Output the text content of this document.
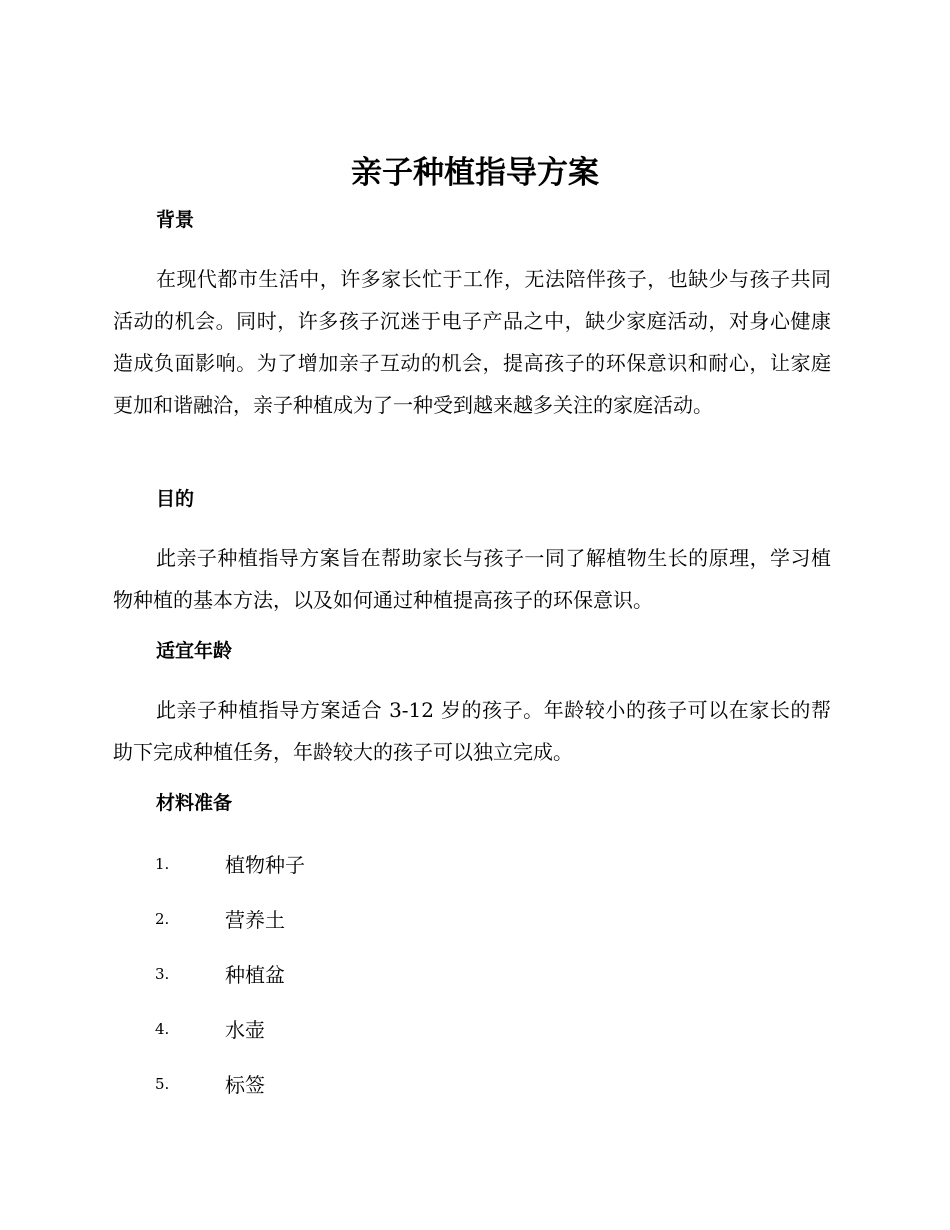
亲子种植指导方案
背景

在现代都市生活中，许多家长忙于工作，无法陪伴孩子，也缺少与孩子共同活动的机会。同时，许多孩子沉迷于电子产品之中，缺少家庭活动，对身心健康造成负面影响。为了增加亲子互动的机会，提高孩子的环保意识和耐心，让家庭更加和谐融洽，亲子种植成为了一种受到越来越多关注的家庭活动。

目的

此亲子种植指导方案旨在帮助家长与孩子一同了解植物生长的原理，学习植物种植的基本方法，以及如何通过种植提高孩子的环保意识。

适宜年龄

此亲子种植指导方案适合 3-12 岁的孩子。年龄较小的孩子可以在家长的帮助下完成种植任务，年龄较大的孩子可以独立完成。

材料准备
1.	植物种子
2.	营养土
3.	种植盆
4.	水壶
5.	标签
